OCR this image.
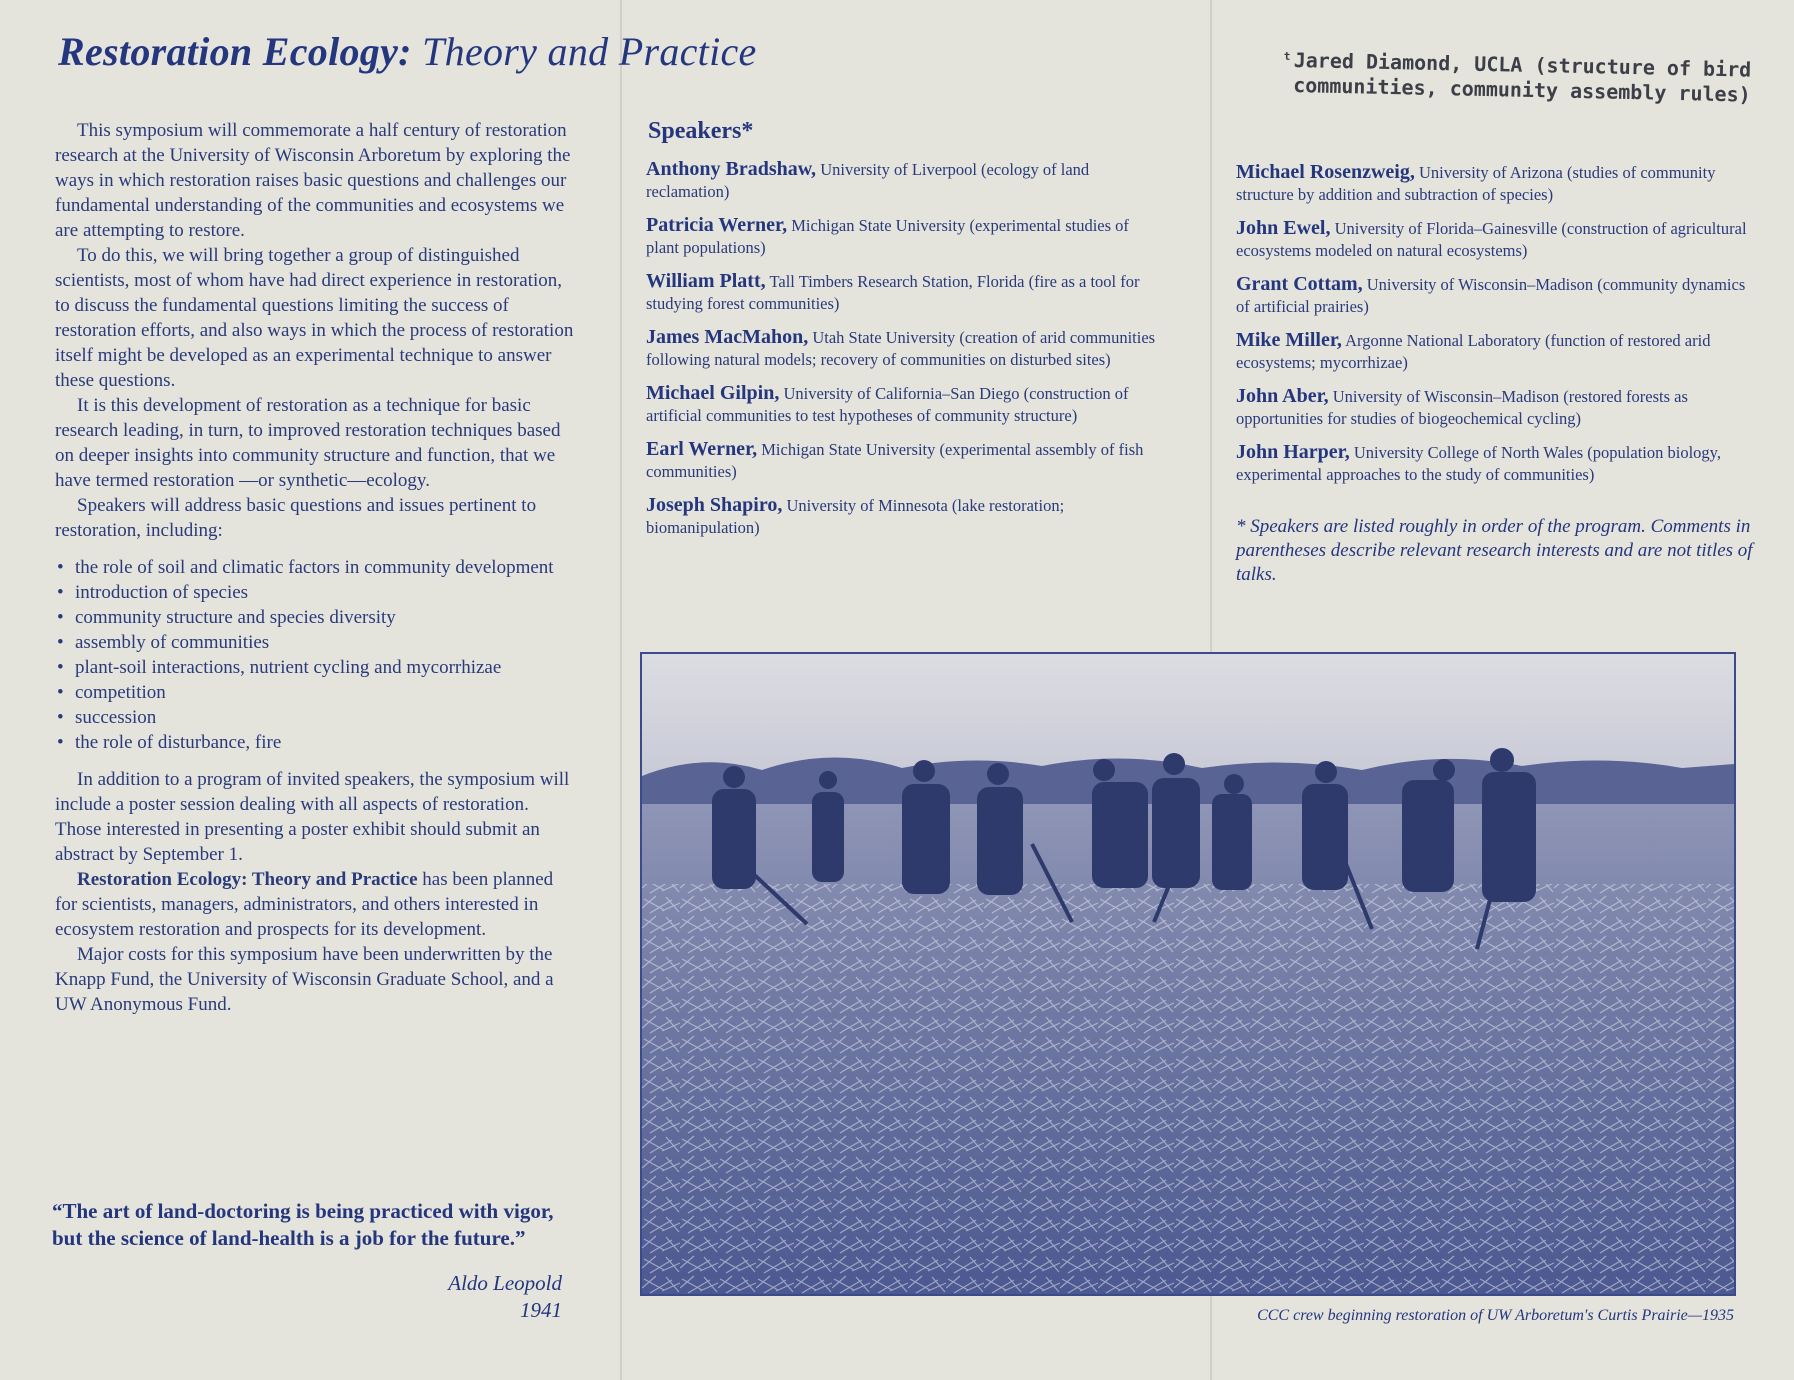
Restoration Ecology: Theory and Practice	t Jared Diamond, UCLA (structure of bird
communities, community assembly rules)

This symposium will commemorate a half century of restoration research at the University of Wisconsin Arboretum by exploring the ways in which restoration raises basic questions and challenges our fundamental understanding of the communities and ecosystems we are attempting to restore.

To do this, we will bring together a group of distinguished scientists, most of whom have had direct experience in restoration, to discuss the fundamental questions limiting the success of restoration efforts, and also ways in which the process of restoration itself might be developed as an experimental technique to answer these questions.

It is this development of restoration as a technique for basic research leading, in turn, to improved restoration techniques based on deeper insights into community structure and function, that we have termed restoration —or synthetic—ecology.

Speakers will address basic questions and issues pertinent to restoration, including:

• the role of soil and climatic factors in community development
• introduction of species
• community structure and species diversity
• assembly of communities
• plant-soil interactions, nutrient cycling and mycorrhizae
• competition
• succession
• the role of disturbance, fire

In addition to a program of invited speakers, the symposium will include a poster session dealing with all aspects of restoration. Those interested in presenting a poster exhibit should submit an abstract by September 1.

Restoration Ecology: Theory and Practice has been planned for scientists, managers, administrators, and others interested in ecosystem restoration and prospects for its development.

Major costs for this symposium have been underwritten by the Knapp Fund, the University of Wisconsin Graduate School, and a UW Anonymous Fund.

“The art of land-doctoring is being practiced with vigor, but the science of land-health is a job for the future.”
Aldo Leopold
1941
Speakers*

Anthony Bradshaw, University of Liverpool (ecology of land reclamation)

Patricia Werner, Michigan State University (experimental studies of plant populations)

William Platt, Tall Timbers Research Station, Florida (fire as a tool for studying forest communities)

James MacMahon, Utah State University (creation of arid communities following natural models; recovery of communities on disturbed sites)

Michael Gilpin, University of California–San Diego (construction of artificial communities to test hypotheses of community structure)

Earl Werner, Michigan State University (experimental assembly of fish communities)

Joseph Shapiro, University of Minnesota (lake restoration; biomanipulation)

Michael Rosenzweig, University of Arizona (studies of community structure by addition and subtraction of species)

John Ewel, University of Florida–Gainesville (construction of agricultural ecosystems modeled on natural ecosystems)

Grant Cottam, University of Wisconsin–Madison (community dynamics of artificial prairies)

Mike Miller, Argonne National Laboratory (function of restored arid ecosystems; mycorrhizae)

John Aber, University of Wisconsin–Madison (restored forests as opportunities for studies of biogeochemical cycling)

John Harper, University College of North Wales (population biology, experimental approaches to the study of communities)

* Speakers are listed roughly in order of the program. Comments in parentheses describe relevant research interests and are not titles of talks.
CCC crew beginning restoration of UW Arboretum's Curtis Prairie—1935
